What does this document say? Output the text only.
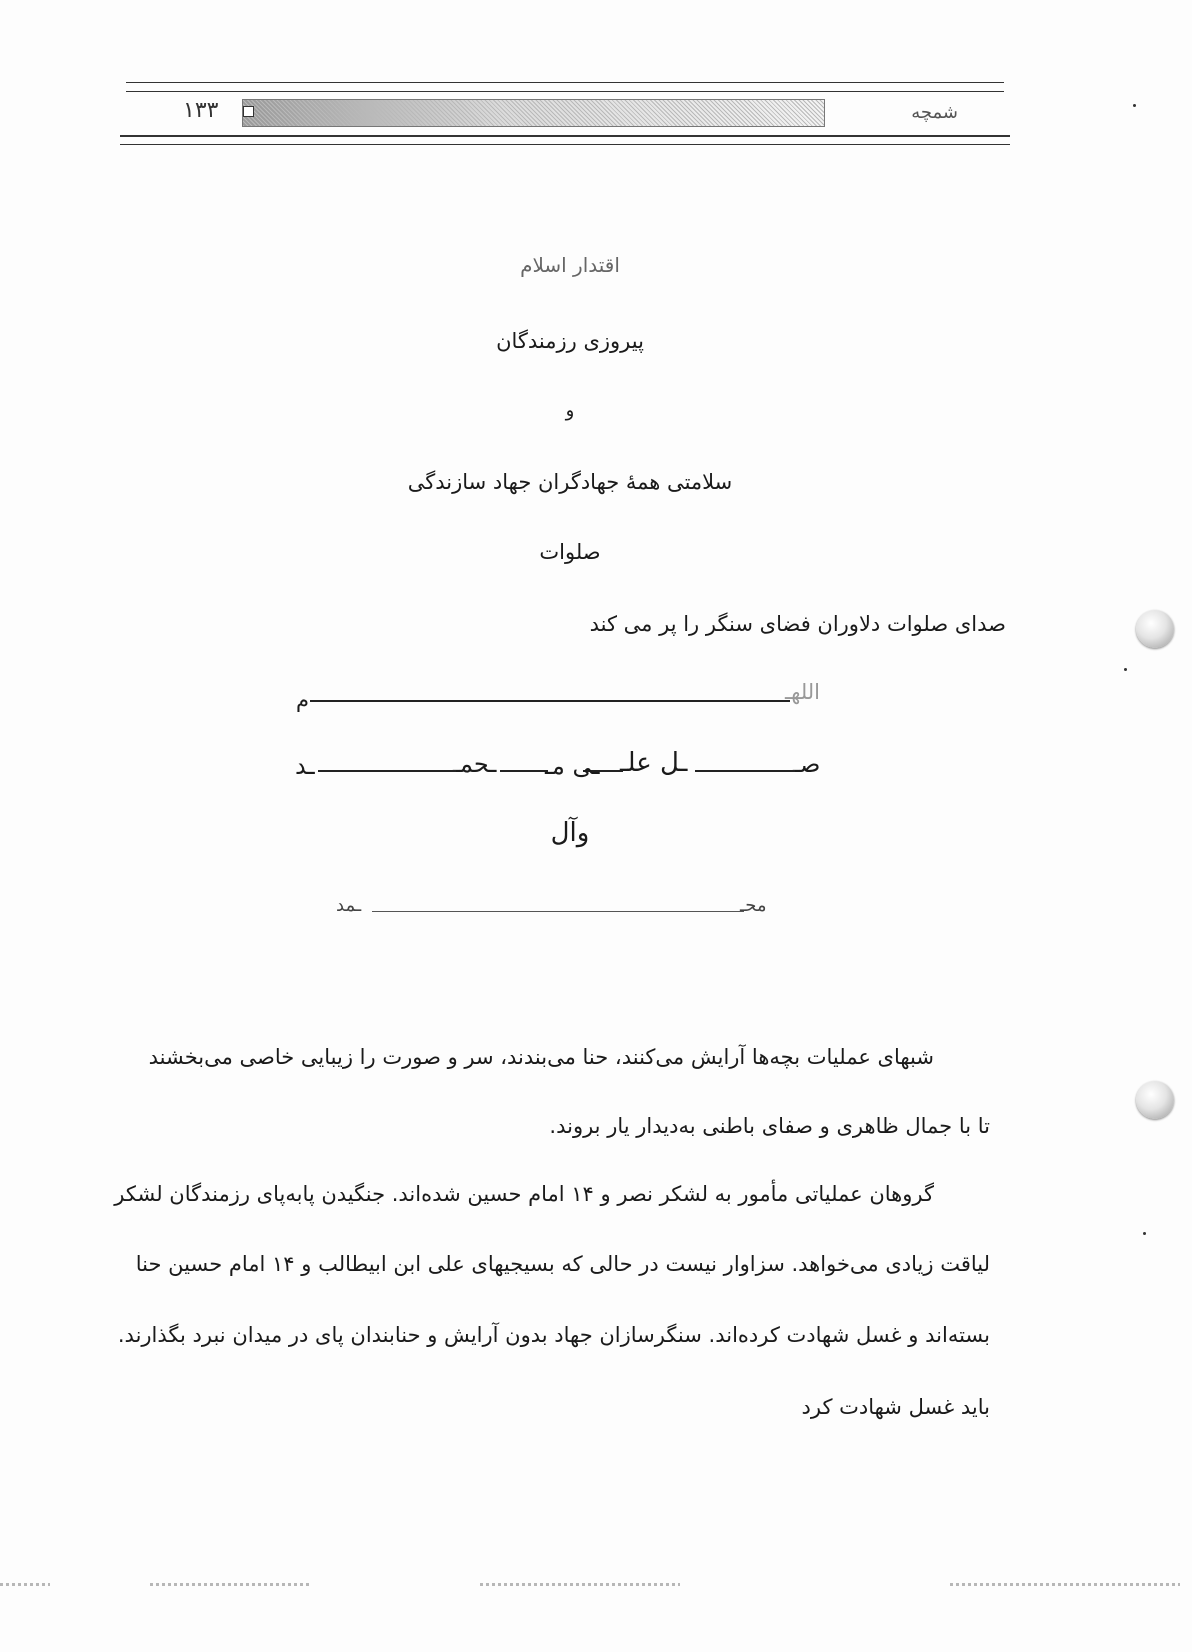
۱۳۳	شمچه
اقتدار اسلام
پیروزی رزمندگان
و
سلامتی همهٔ جهادگران جهاد سازندگی
صلوات
صدای صلوات دلاوران فضای سنگر را پر می کند
اللهـ
م
صـ
ـل علـ
ـی مـ
ـحمـ
ـد
وآل
محـ
ـمد
شبهای عملیات بچه‌ها آرایش می‌کنند، حنا می‌بندند، سر و صورت را زیبایی خاصی می‌بخشند
تا با جمال ظاهری و صفای باطنی به‌دیدار یار بروند.
گروهان عملیاتی مأمور به لشکر نصر و ۱۴ امام حسین شده‌اند. جنگیدن پابه‌پای رزمندگان لشکر
لیاقت زیادی می‌خواهد. سزاوار نیست در حالی که بسیجیهای علی ابن ابیطالب و ۱۴ امام حسین حنا
بسته‌اند و غسل شهادت کرده‌اند. سنگرسازان جهاد بدون آرایش و حنابندان پای در میدان نبرد بگذارند.
باید غسل شهادت کرد
